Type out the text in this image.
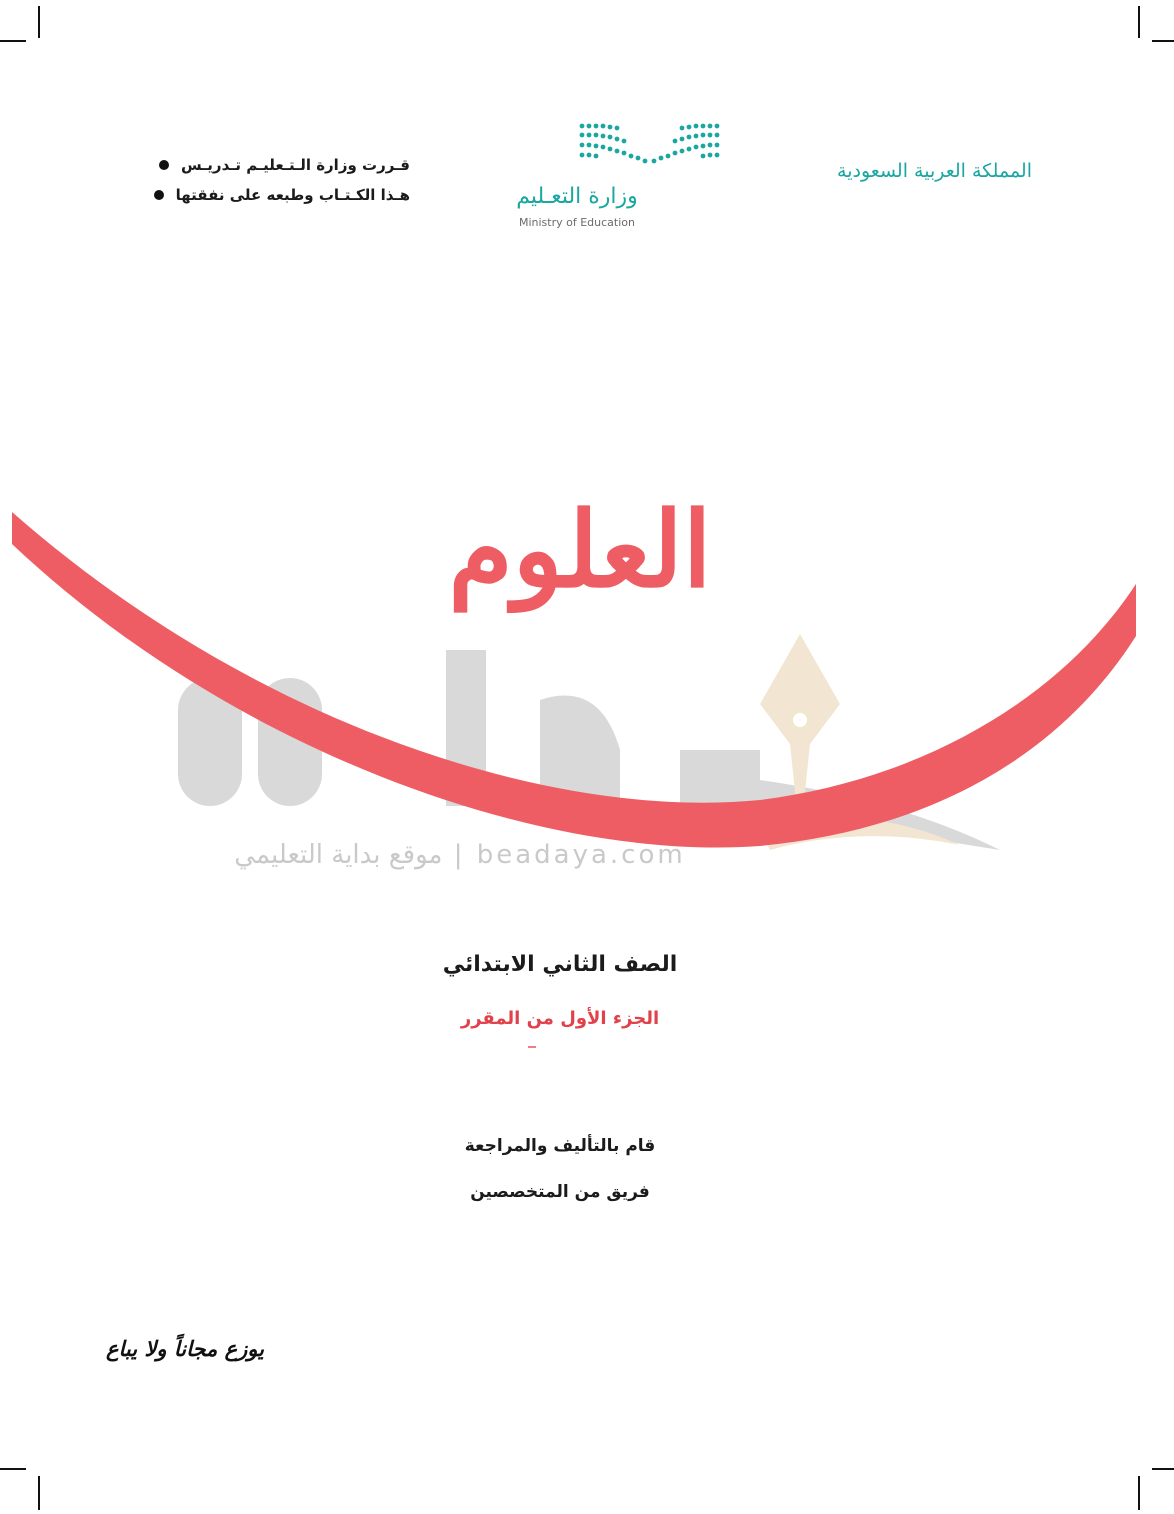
المملكة العربية السعودية
وزارة التعـليم
Ministry of Education
قـررت وزارة الـتـعليـم تـدريـس
هـذا الكـتـاب وطبعه على نفقتها
العلوم
beadaya.com | موقع بداية التعليمي
الصف الثاني الابتدائي
الجزء الأول من المقرر
قام بالتأليف والمراجعة
فريق من المتخصصين
يوزع مجاناً ولا يباع
